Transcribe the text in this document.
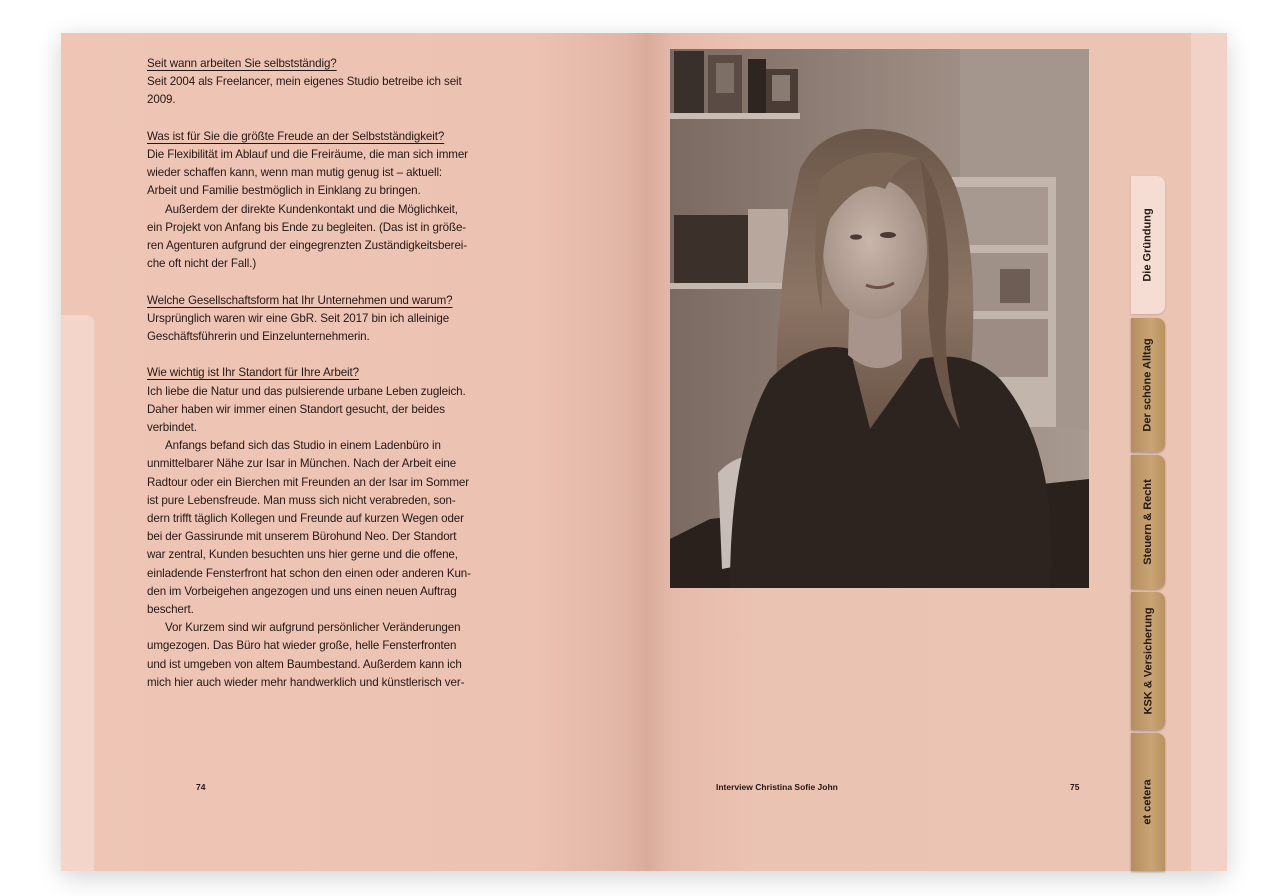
Seit wann arbeiten Sie selbstständig?
Seit 2004 als Freelancer, mein eigenes Studio betreibe ich seit
2009.
Was ist für Sie die größte Freude an der Selbstständigkeit?
Die Flexibilität im Ablauf und die Freiräume, die man sich immer
wieder schaffen kann, wenn man mutig genug ist – aktuell:
Arbeit und Familie bestmöglich in Einklang zu bringen.
Außerdem der direkte Kundenkontakt und die Möglichkeit,
ein Projekt von Anfang bis Ende zu begleiten. (Das ist in größe-
ren Agenturen aufgrund der eingegrenzten Zuständigkeitsberei-
che oft nicht der Fall.)
Welche Gesellschaftsform hat Ihr Unternehmen und warum?
Ursprünglich waren wir eine GbR. Seit 2017 bin ich alleinige
Geschäftsführerin und Einzelunternehmerin.
Wie wichtig ist Ihr Standort für Ihre Arbeit?
Ich liebe die Natur und das pulsierende urbane Leben zugleich.
Daher haben wir immer einen Standort gesucht, der beides
verbindet.
Anfangs befand sich das Studio in einem Ladenbüro in
unmittelbarer Nähe zur Isar in München. Nach der Arbeit eine
Radtour oder ein Bierchen mit Freunden an der Isar im Sommer
ist pure Lebensfreude. Man muss sich nicht verabreden, son-
dern trifft täglich Kollegen und Freunde auf kurzen Wegen oder
bei der Gassirunde mit unserem Bürohund Neo. Der Standort
war zentral, Kunden besuchten uns hier gerne und die offene,
einladende Fensterfront hat schon den einen oder anderen Kun-
den im Vorbeigehen angezogen und uns einen neuen Auftrag
beschert.
Vor Kurzem sind wir aufgrund persönlicher Veränderungen
umgezogen. Das Büro hat wieder große, helle Fensterfronten
und ist umgeben von altem Baumbestand. Außerdem kann ich
mich hier auch wieder mehr handwerklich und künstlerisch ver-
74	Interview Christina Sofie John	75
Die Gründung
Der schöne Alltag
Steuern & Recht
KSK & Versicherung
et cetera
